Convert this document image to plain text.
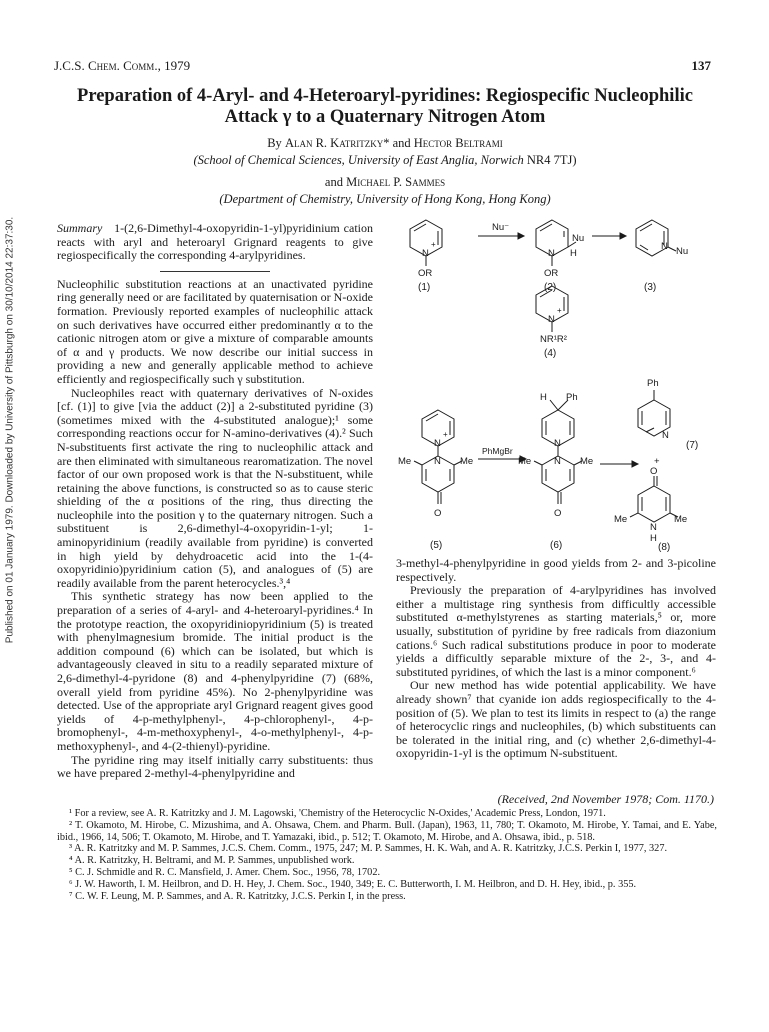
Published on 01 January 1979. Downloaded by University of Pittsburgh on 30/10/2014 22:37:30.
J.C.S. Chem. Comm., 1979	137
Preparation of 4-Aryl- and 4-Heteroaryl-pyridines: Regiospecific Nucleophilic
Attack γ to a Quaternary Nitrogen Atom
By Alan R. Katritzky* and Hector Beltrami
(School of Chemical Sciences, University of East Anglia, Norwich NR4 7TJ)
and Michael P. Sammes
(Department of Chemistry, University of Hong Kong, Hong Kong)

Summary 1-(2,6-Dimethyl-4-oxopyridin-1-yl)pyridinium cation reacts with aryl and heteroaryl Grignard reagents to give regiospecifically the corresponding 4-arylpyridines.

Nucleophilic substitution reactions at an unactivated pyridine ring generally need or are facilitated by quaternisation or N-oxide formation. Previously reported examples of nucleophilic attack on such derivatives have occurred either predominantly α to the cationic nitrogen atom or give a mixture of comparable amounts of α and γ products. We now describe our initial success in providing a new and generally applicable method to achieve efficiently and regiospecifically such γ substitution.

Nucleophiles react with quaternary derivatives of N-oxides [cf. (1)] to give [via the adduct (2)] a 2-substituted pyridine (3) (sometimes mixed with the 4-substituted analogue);¹ some corresponding reactions occur for N-amino-derivatives (4).² Such N-substituents first activate the ring to nucleophilic attack and are then eliminated with simultaneous rearomatization. The novel factor of our own proposed work is that the N-substituent, while retaining the above functions, is constructed so as to cause steric shielding of the α positions of the ring, thus directing the nucleophile into the position γ to the quaternary nitrogen. Such a substituent is 2,6-dimethyl-4-oxopyridin-1-yl; 1-aminopyridinium (readily available from pyridine) is converted in high yield by dehydroacetic acid into the 1-(4-oxopyridinio)pyridinium cation (5), and analogues of (5) are readily available from the parent heterocycles.³,⁴

This synthetic strategy has now been applied to the preparation of a series of 4-aryl- and 4-heteroaryl-pyridines.⁴ In the prototype reaction, the oxopyridiniopyridinium (5) is treated with phenylmagnesium bromide. The initial product is the addition compound (6) which can be isolated, but which is advantageously cleaved in situ to a readily separated mixture of 2,6-dimethyl-4-pyridone (8) and 4-phenylpyridine (7) (68%, overall yield from pyridine 45%). No 2-phenylpyridine was detected. Use of the appropriate aryl Grignard reagent gives good yields of 4-p-methylphenyl-, 4-p-chlorophenyl-, 4-p-bromophenyl-, 4-m-methoxyphenyl-, 4-o-methylphenyl-, 4-p-methoxyphenyl-, and 4-(2-thienyl)-pyridine.

The pyridine ring may itself initially carry substituents: thus we have prepared 2-methyl-4-phenylpyridine and

Nu⁻
N
+
OR
N
Nu
H
OR
N Nu
N
+
NR¹R²
N
+
N
Me	Me
O
PhMgBr
H Ph
N
N
Me	Me
O
Ph
N
+
O
Me	Me
N
H
(1)	(2)	(3)
(4)
(5)	(6)
(7)
(8)

3-methyl-4-phenylpyridine in good yields from 2- and 3-picoline respectively.

Previously the preparation of 4-arylpyridines has involved either a multistage ring synthesis from difficultly accessible substituted α-methylstyrenes as starting materials,⁵ or, more usually, substitution of pyridine by free radicals from diazonium cations.⁶ Such radical substitutions produce in poor to moderate yields a difficultly separable mixture of the 2-, 3-, and 4-substituted pyridines, of which the last is a minor component.⁶

Our new method has wide potential applicability. We have already shown⁷ that cyanide ion adds regiospecifically to the 4-position of (5). We plan to test its limits in respect to (a) the range of heterocyclic rings and nucleophiles, (b) which substituents can be tolerated in the initial ring, and (c) whether 2,6-dimethyl-4-oxopyridin-1-yl is the optimum N-substituent.

(Received, 2nd November 1978; Com. 1170.)

¹ For a review, see A. R. Katritzky and J. M. Lagowski, 'Chemistry of the Heterocyclic N-Oxides,' Academic Press, London, 1971.

² T. Okamoto, M. Hirobe, C. Mizushima, and A. Ohsawa, Chem. and Pharm. Bull. (Japan), 1963, 11, 780; T. Okamoto, M. Hirobe, Y. Tamai, and E. Yabe, ibid., 1966, 14, 506; T. Okamoto, M. Hirobe, and T. Yamazaki, ibid., p. 512; T. Okamoto, M. Hirobe, and A. Ohsawa, ibid., p. 518.

³ A. R. Katritzky and M. P. Sammes, J.C.S. Chem. Comm., 1975, 247; M. P. Sammes, H. K. Wah, and A. R. Katritzky, J.C.S. Perkin I, 1977, 327.

⁴ A. R. Katritzky, H. Beltrami, and M. P. Sammes, unpublished work.

⁵ C. J. Schmidle and R. C. Mansfield, J. Amer. Chem. Soc., 1956, 78, 1702.

⁶ J. W. Haworth, I. M. Heilbron, and D. H. Hey, J. Chem. Soc., 1940, 349; E. C. Butterworth, I. M. Heilbron, and D. H. Hey, ibid., p. 355.

⁷ C. W. F. Leung, M. P. Sammes, and A. R. Katritzky, J.C.S. Perkin I, in the press.
